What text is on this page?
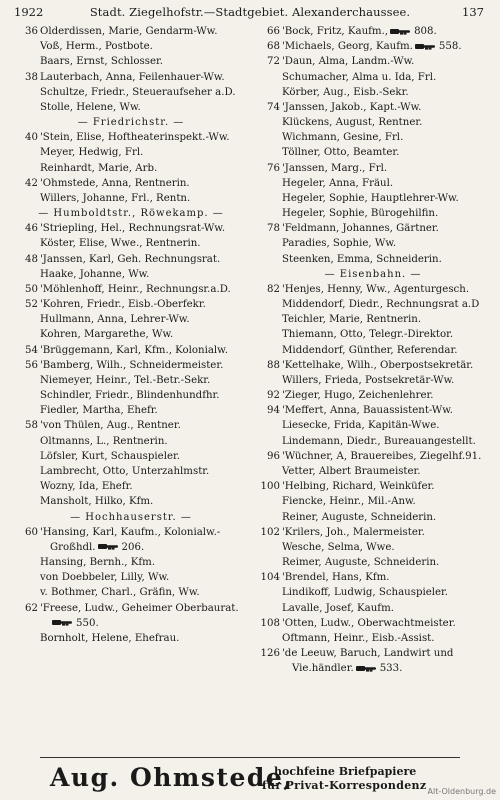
1922	Stadt. Ziegelhofstr.—Stadtgebiet. Alexanderchaussee.	137
36 Olderdissen, Marie, Gendarm-Ww.
Voß, Herm., Postbote.
Baars, Ernst, Schlosser.
38 Lauterbach, Anna, Feilenhauer-Ww.
Schultze, Friedr., Steueraufseher a.D.
Stolle, Helene, Ww.
— Friedrichstr. —
40 'Stein, Elise, Hoftheaterinspekt.-Ww.
Meyer, Hedwig, Frl.
Reinhardt, Marie, Arb.
42 'Ohmstede, Anna, Rentnerin.
Willers, Johanne, Frl., Rentn.
— Humboldtstr., Röwekamp. —
46 'Striepling, Hel., Rechnungsrat-Ww.
Köster, Elise, Wwe., Rentnerin.
48 'Janssen, Karl, Geh. Rechnungsrat.
Haake, Johanne, Ww.
50 'Möhlenhoff, Heinr., Rechnungsr.a.D.
52 'Kohren, Friedr., Eisb.-Oberfekr.
Hullmann, Anna, Lehrer-Ww.
Kohren, Margarethe, Ww.
54 'Brüggemann, Karl, Kfm., Kolonialw.
56 'Bamberg, Wilh., Schneidermeister.
Niemeyer, Heinr., Tel.-Betr.-Sekr.
Schindler, Friedr., Blindenhundfhr.
Fiedler, Martha, Ehefr.
58 'von Thülen, Aug., Rentner.
Oltmanns, L., Rentnerin.
Löfsler, Kurt, Schauspieler.
Lambrecht, Otto, Unterzahlmstr.
Wozny, Ida, Ehefr.
Mansholt, Hilko, Kfm.
— Hochhauserstr. —
60 'Hansing, Karl, Kaufm., Kolonialw.-
Großhdl.	206.
Hansing, Bernh., Kfm.
von Doebbeler, Lilly, Ww.
v. Bothmer, Charl., Gräfin, Ww.
62 'Freese, Ludw., Geheimer Oberbaurat.
550.
Bornholt, Helene, Ehefrau.
66 'Bock, Fritz, Kaufm.,	808.
68 'Michaels, Georg, Kaufm.	558.
72 'Daun, Alma, Landm.-Ww.
Schumacher, Alma u. Ida, Frl.
Körber, Aug., Eisb.-Sekr.
74 'Janssen, Jakob., Kapt.-Ww.
Klückens, August, Rentner.
Wichmann, Gesine, Frl.
Töllner, Otto, Beamter.
76 'Janssen, Marg., Frl.
Hegeler, Anna, Fräul.
Hegeler, Sophie, Hauptlehrer-Ww.
Hegeler, Sophie, Bürogehilfin.
78 'Feldmann, Johannes, Gärtner.
Paradies, Sophie, Ww.
Steenken, Emma, Schneiderin.
— Eisenbahn. —
82 'Henjes, Henny, Ww., Agenturgesch.
Middendorf, Diedr., Rechnungsrat a.D
Teichler, Marie, Rentnerin.
Thiemann, Otto, Telegr.-Direktor.
Middendorf, Günther, Referendar.
88 'Kettelhake, Wilh., Oberpostsekretär.
Willers, Frieda, Postsekretär-Ww.
92 'Zieger, Hugo, Zeichenlehrer.
94 'Meffert, Anna, Bauassistent-Ww.
Liesecke, Frida, Kapitän-Wwe.
Lindemann, Diedr., Bureauangestellt.
96 'Wüchner, A, Brauereibes, Ziegelhf.91.
Vetter, Albert Braumeister.
100 'Helbing, Richard, Weinküfer.
Fiencke, Heinr., Mil.-Anw.
Reiner, Auguste, Schneiderin.
102 'Krilers, Joh., Malermeister.
Wesche, Selma, Wwe.
Reimer, Auguste, Schneiderin.
104 'Brendel, Hans, Kfm.
Lindikoff, Ludwig, Schauspieler.
Lavalle, Josef, Kaufm.
108 'Otten, Ludw., Oberwachtmeister.
Oftmann, Heinr., Eisb.-Assist.
126 'de Leeuw, Baruch, Landwirt und
Vie.händler.	533.
Aug. Ohmstede,
hochfeine Briefpapiere
für Privat-Korrespondenz Alt-Oldenburg.de
